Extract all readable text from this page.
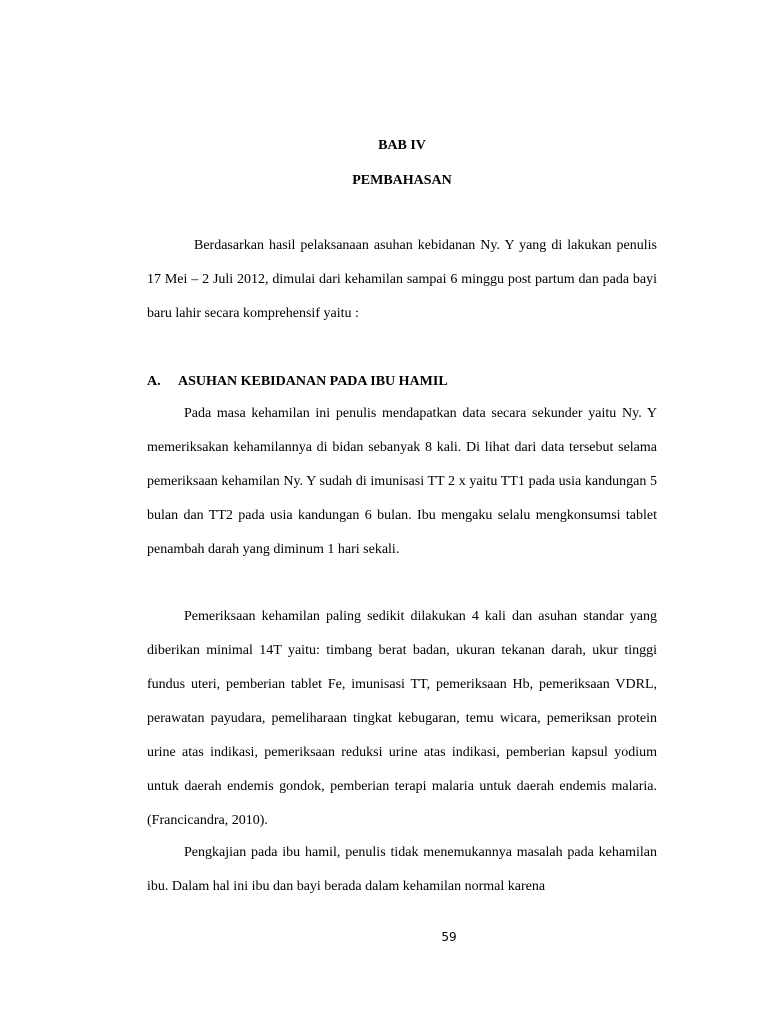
BAB IV
PEMBAHASAN

Berdasarkan hasil pelaksanaan asuhan kebidanan Ny. Y yang di lakukan penulis 17 Mei – 2 Juli 2012, dimulai dari kehamilan sampai 6 minggu post partum dan pada bayi baru lahir secara komprehensif yaitu :

A. ASUHAN KEBIDANAN PADA IBU HAMIL

Pada masa kehamilan ini penulis mendapatkan data secara sekunder yaitu Ny. Y memeriksakan kehamilannya di bidan sebanyak 8 kali. Di lihat dari data tersebut selama pemeriksaan kehamilan Ny. Y sudah di imunisasi TT 2 x yaitu TT1 pada usia kandungan 5 bulan dan TT2 pada usia kandungan 6 bulan. Ibu mengaku selalu mengkonsumsi tablet penambah darah yang diminum 1 hari sekali.

Pemeriksaan kehamilan paling sedikit dilakukan 4 kali dan asuhan standar yang diberikan minimal 14T yaitu: timbang berat badan, ukuran tekanan darah, ukur tinggi fundus uteri, pemberian tablet Fe, imunisasi TT, pemeriksaan Hb, pemeriksaan VDRL, perawatan payudara, pemeliharaan tingkat kebugaran, temu wicara, pemeriksan protein urine atas indikasi, pemeriksaan reduksi urine atas indikasi, pemberian kapsul yodium untuk daerah endemis gondok, pemberian terapi malaria untuk daerah endemis malaria. (Francicandra, 2010).

Pengkajian pada ibu hamil, penulis tidak menemukannya masalah pada kehamilan ibu. Dalam hal ini ibu dan bayi berada dalam kehamilan normal karena

59
